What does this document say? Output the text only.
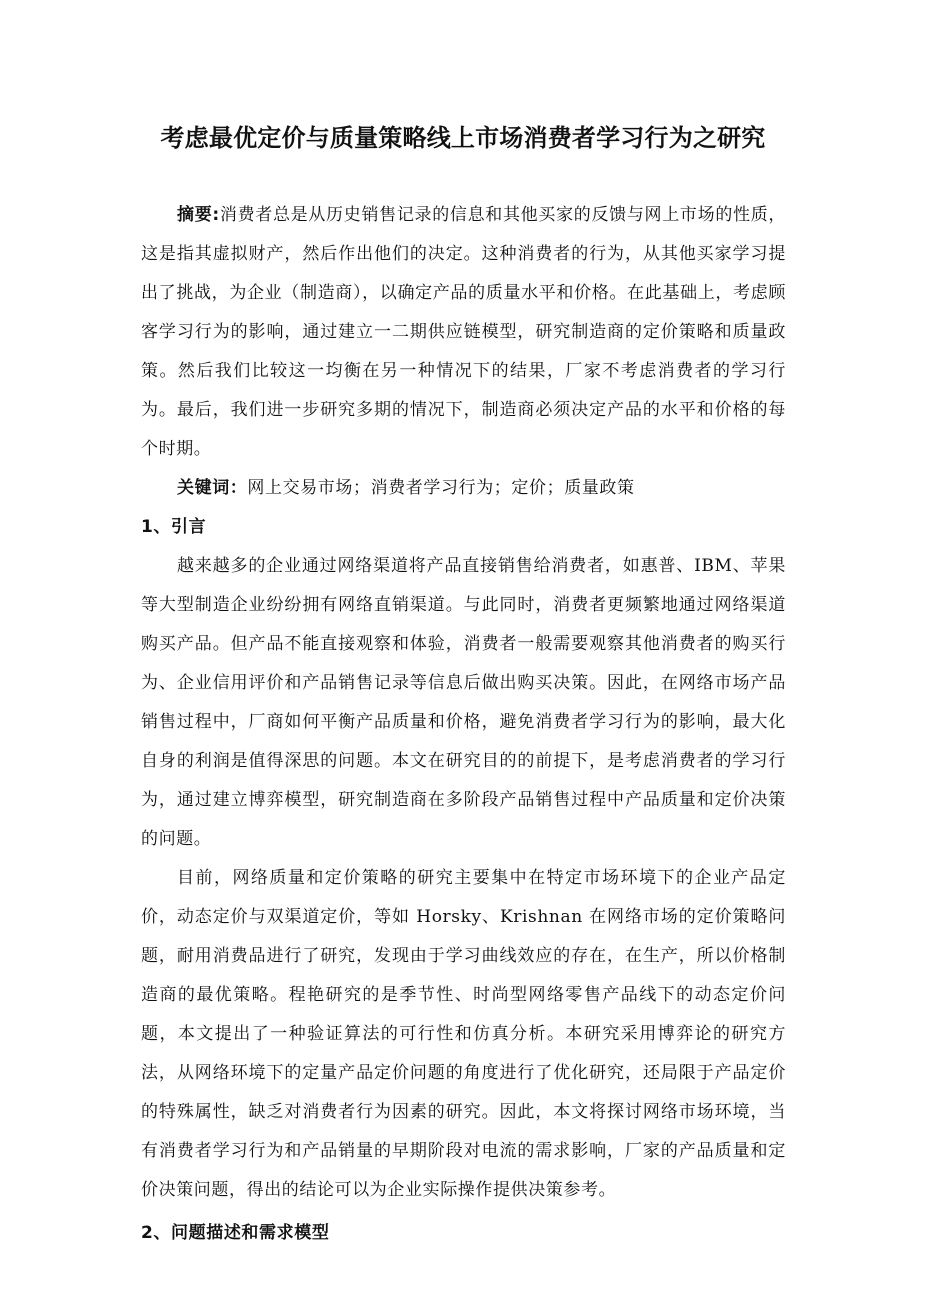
考虑最优定价与质量策略线上市场消费者学习行为之研究

摘要:消费者总是从历史销售记录的信息和其他买家的反馈与网上市场的性质，这是指其虚拟财产，然后作出他们的决定。这种消费者的行为，从其他买家学习提出了挑战，为企业（制造商），以确定产品的质量水平和价格。在此基础上，考虑顾客学习行为的影响，通过建立一二期供应链模型，研究制造商的定价策略和质量政策。然后我们比较这一均衡在另一种情况下的结果，厂家不考虑消费者的学习行为。最后，我们进一步研究多期的情况下，制造商必须决定产品的水平和价格的每个时期。

关键词：网上交易市场；消费者学习行为；定价；质量政策

1、引言

越来越多的企业通过网络渠道将产品直接销售给消费者，如惠普、IBM、苹果等大型制造企业纷纷拥有网络直销渠道。与此同时，消费者更频繁地通过网络渠道购买产品。但产品不能直接观察和体验，消费者一般需要观察其他消费者的购买行为、企业信用评价和产品销售记录等信息后做出购买决策。因此，在网络市场产品销售过程中，厂商如何平衡产品质量和价格，避免消费者学习行为的影响，最大化自身的利润是值得深思的问题。本文在研究目的的前提下，是考虑消费者的学习行为，通过建立博弈模型，研究制造商在多阶段产品销售过程中产品质量和定价决策的问题。

目前，网络质量和定价策略的研究主要集中在特定市场环境下的企业产品定价，动态定价与双渠道定价，等如 Horsky、Krishnan 在网络市场的定价策略问题，耐用消费品进行了研究，发现由于学习曲线效应的存在，在生产，所以价格制造商的最优策略。程艳研究的是季节性、时尚型网络零售产品线下的动态定价问题，本文提出了一种验证算法的可行性和仿真分析。本研究采用博弈论的研究方法，从网络环境下的定量产品定价问题的角度进行了优化研究，还局限于产品定价的特殊属性，缺乏对消费者行为因素的研究。因此，本文将探讨网络市场环境，当有消费者学习行为和产品销量的早期阶段对电流的需求影响，厂家的产品质量和定价决策问题，得出的结论可以为企业实际操作提供决策参考。

2、问题描述和需求模型
